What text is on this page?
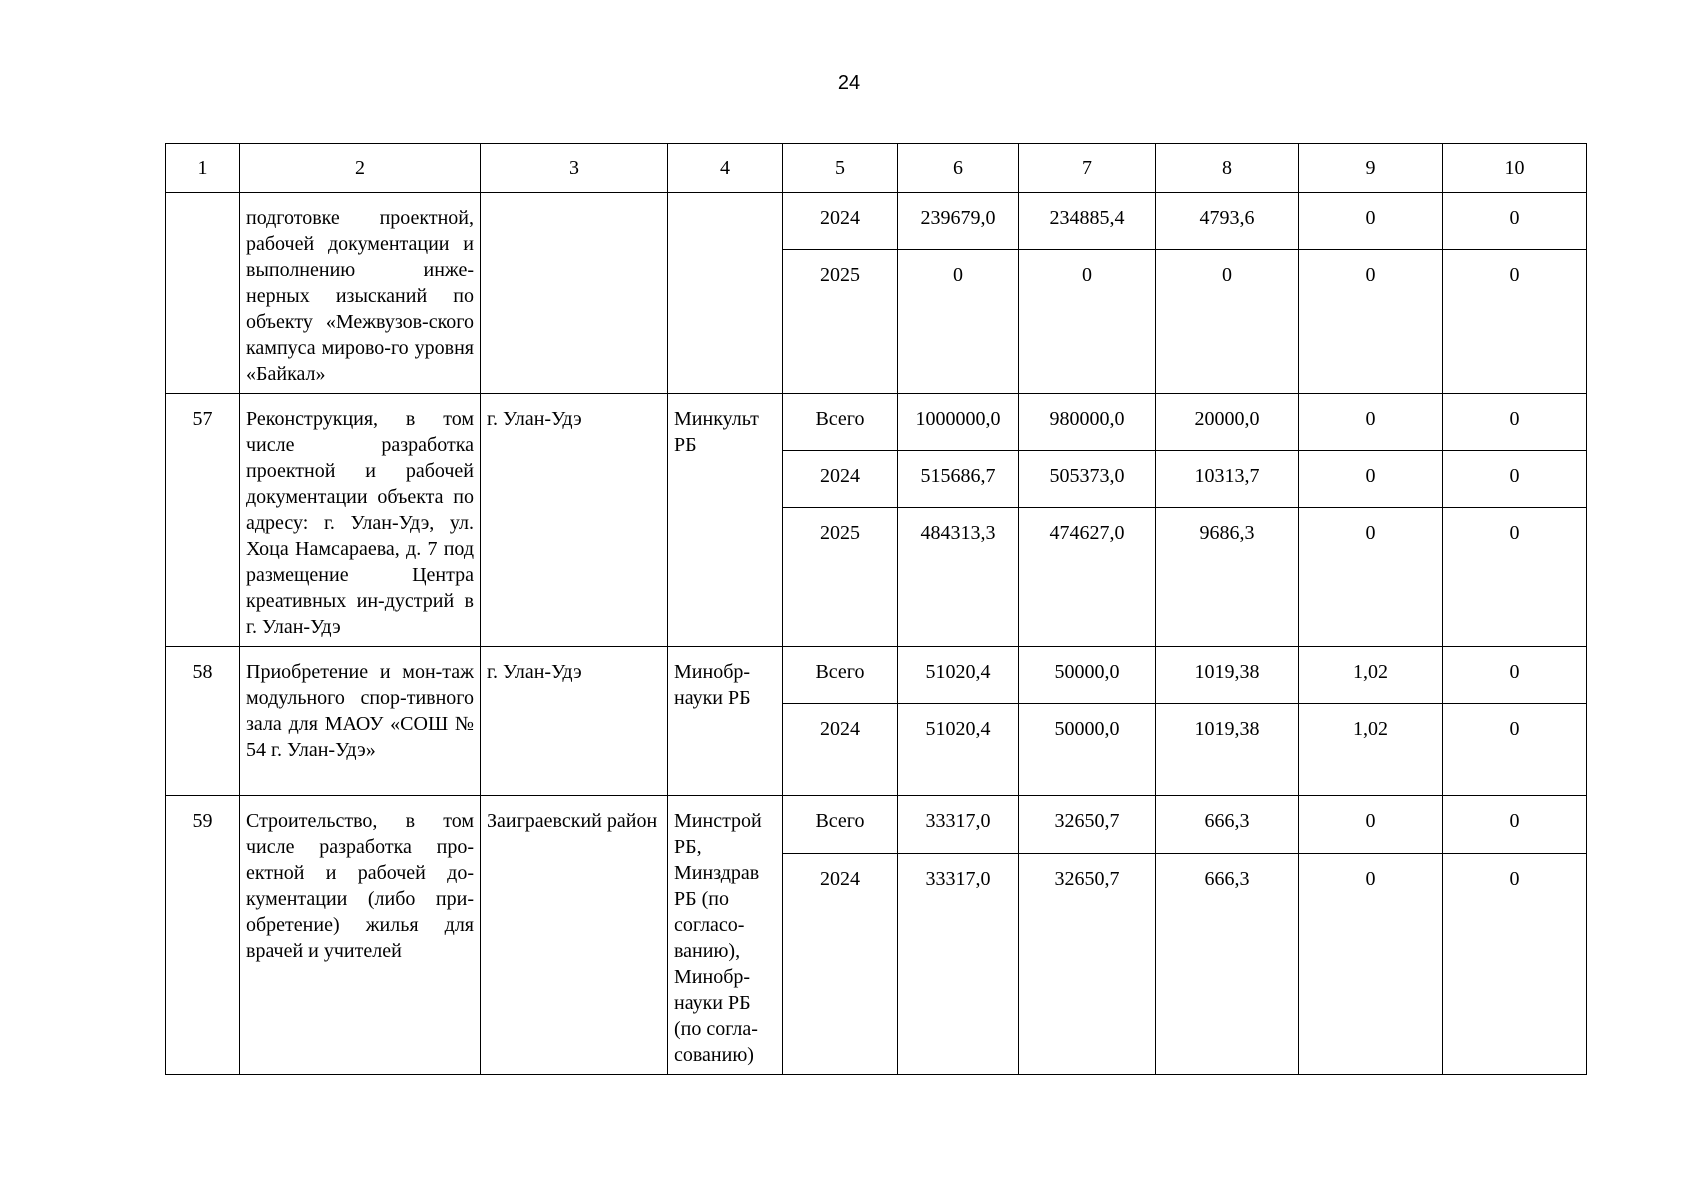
24
1	2	3	4	5	6	7	8	9	10
	подготовке проектной, рабочей документации и выполнению инже-нерных изысканий по объекту «Межвузов-ского кампуса мирово-го уровня «Байкал»			2024	239679,0	234885,4	4793,6	0	0
				2025	0	0	0	0	0
57	Реконструкция, в том числе разработка проектной и рабочей документации объекта по адресу: г. Улан-Удэ, ул. Хоца Намсараева, д. 7 под размещение Центра креативных ин-дустрий в г. Улан-Удэ	г. Улан-Удэ	Минкульт РБ	Всего	1000000,0	980000,0	20000,0	0	0
				2024	515686,7	505373,0	10313,7	0	0
				2025	484313,3	474627,0	9686,3	0	0
58	Приобретение и мон-таж модульного спор-тивного зала для МАОУ «СОШ № 54 г. Улан-Удэ»	г. Улан-Удэ	Минобр-науки РБ	Всего	51020,4	50000,0	1019,38	1,02	0
				2024	51020,4	50000,0	1019,38	1,02	0
59	Строительство, в том числе разработка про-ектной и рабочей до-кументации (либо при-обретение) жилья для врачей и учителей	Заиграевский район	Минстрой РБ, Минздрав РБ (по согласо-ванию), Минобр-науки РБ (по согла-сованию)	Всего	33317,0	32650,7	666,3	0	0
				2024	33317,0	32650,7	666,3	0	0
